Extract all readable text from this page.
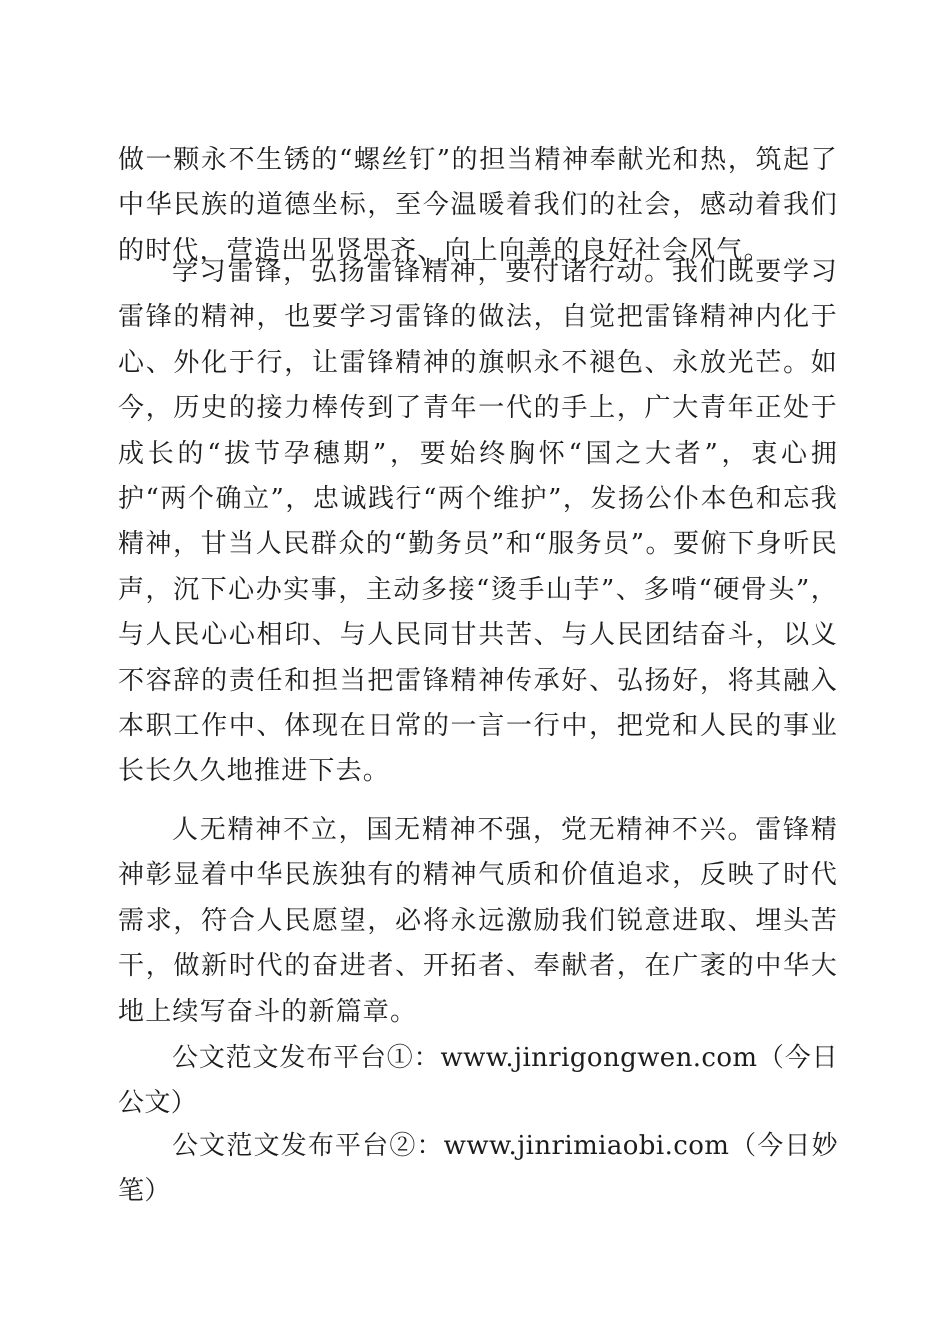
做一颗永不生锈的“螺丝钉”的担当精神奉献光和热，筑起了中华民族的道德坐标，至今温暖着我们的社会，感动着我们的时代，营造出见贤思齐、向上向善的良好社会风气。

学习雷锋，弘扬雷锋精神，要付诸行动。我们既要学习雷锋的精神，也要学习雷锋的做法，自觉把雷锋精神内化于心、外化于行，让雷锋精神的旗帜永不褪色、永放光芒。如今，历史的接力棒传到了青年一代的手上，广大青年正处于成长的“拔节孕穗期”，要始终胸怀“国之大者”，衷心拥护“两个确立”，忠诚践行“两个维护”，发扬公仆本色和忘我精神，甘当人民群众的“勤务员”和“服务员”。要俯下身听民声，沉下心办实事，主动多接“烫手山芋”、多啃“硬骨头”，与人民心心相印、与人民同甘共苦、与人民团结奋斗，以义不容辞的责任和担当把雷锋精神传承好、弘扬好，将其融入本职工作中、体现在日常的一言一行中，把党和人民的事业长长久久地推进下去。

人无精神不立，国无精神不强，党无精神不兴。雷锋精神彰显着中华民族独有的精神气质和价值追求，反映了时代需求，符合人民愿望，必将永远激励我们锐意进取、埋头苦干，做新时代的奋进者、开拓者、奉献者，在广袤的中华大地上续写奋斗的新篇章。

公文范文发布平台①：www.jinrigongwen.com（今日公文）

公文范文发布平台②：www.jinrimiaobi.com（今日妙笔）
